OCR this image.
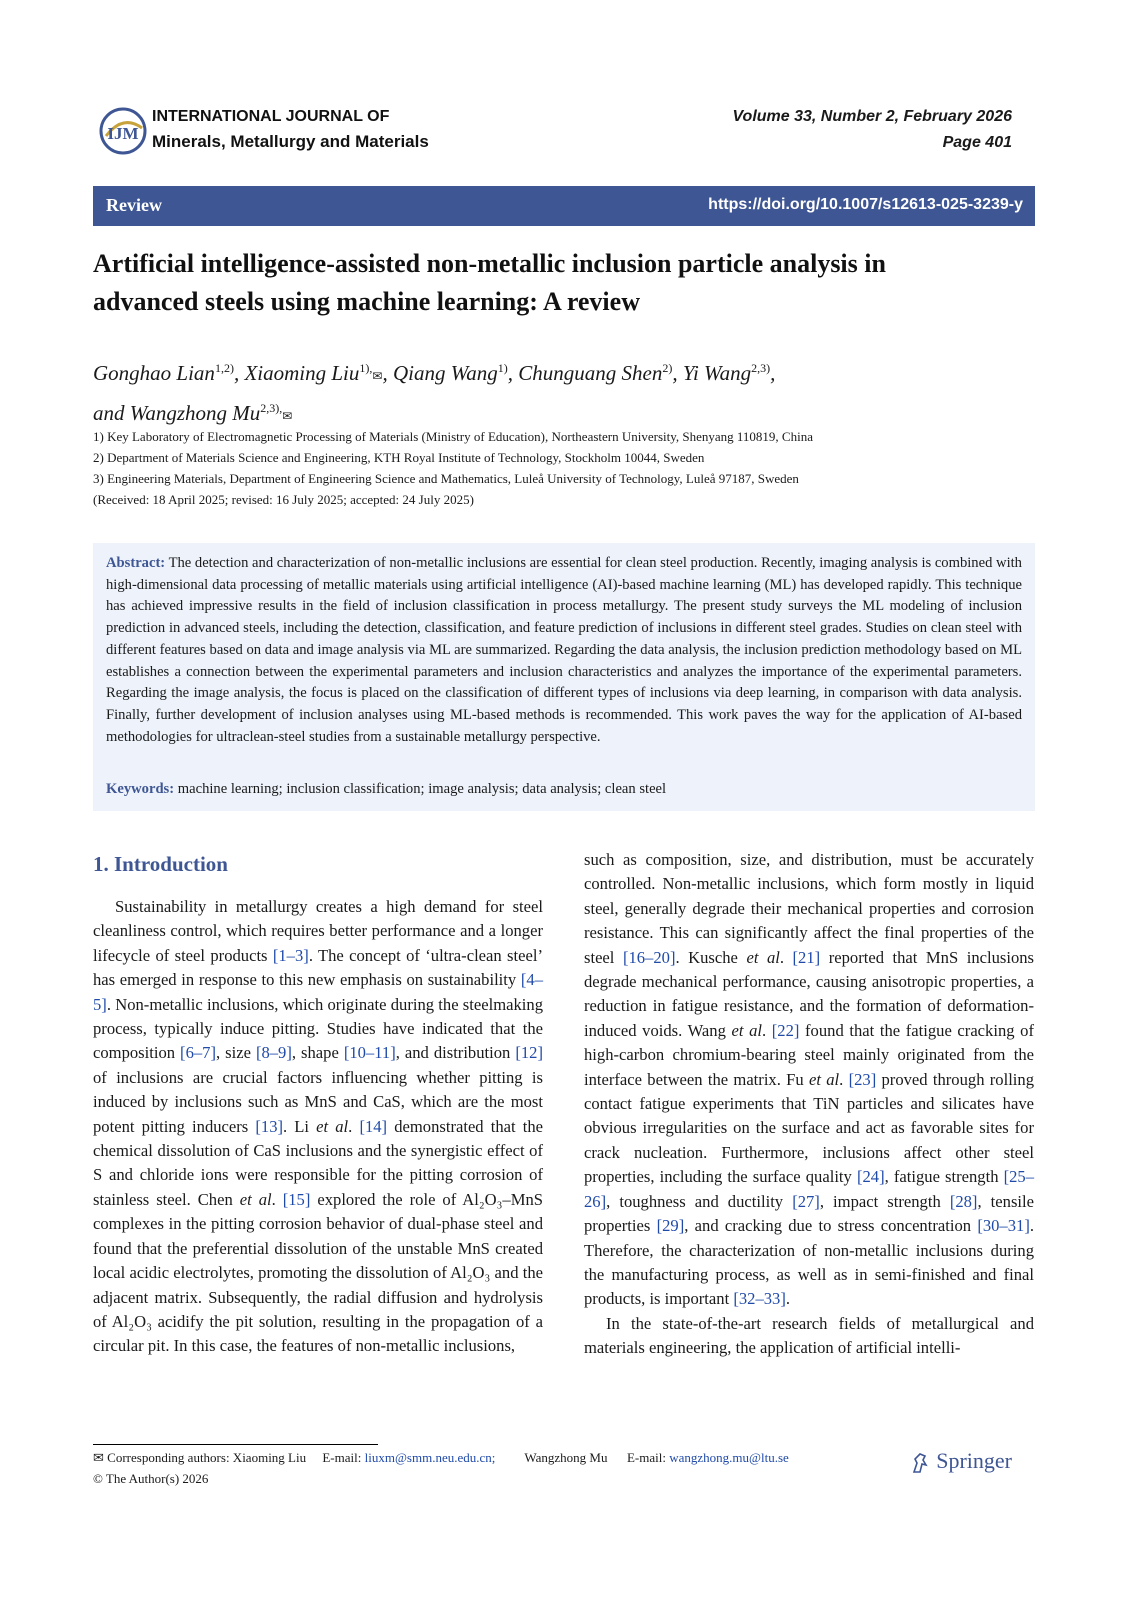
IJM
INTERNATIONAL JOURNAL OF
Minerals, Metallurgy and Materials
Volume 33, Number 2, February 2026
Page 401
Review	https://doi.org/10.1007/s12613-025-3239-y
Artificial intelligence-assisted non-metallic inclusion particle analysis in
advanced steels using machine learning: A review
Gonghao Lian$^{1,2)}$, Xiaoming Liu$^{1),}$✉, Qiang Wang$^{1)}$, Chunguang Shen$^{2)}$, Yi Wang$^{2,3)}$,
and Wangzhong $Mu^{2,3),}✉$
1) Key Laboratory of Electromagnetic Processing of Materials (Ministry of Education), Northeastern University, Shenyang 110819, China
2) Department of Materials Science and Engineering, KTH Royal Institute of Technology, Stockholm 10044, Sweden
3) Engineering Materials, Department of Engineering Science and Mathematics, Luleå University of Technology, Luleå 97187, Sweden
(Received: 18 April 2025; revised: 16 July 2025; accepted: 24 July 2025)
Abstract: The detection and characterization of non-metallic inclusions are essential for clean steel production. Recently, imaging analysis is combined with high-dimensional data processing of metallic materials using artificial intelligence (AI)-based machine learning (ML) has developed rapidly. This technique has achieved impressive results in the field of inclusion classification in process metallurgy. The present study surveys the ML modeling of inclusion prediction in advanced steels, including the detection, classification, and feature prediction of inclusions in different steel grades. Studies on clean steel with different features based on data and image analysis via ML are summarized. Regarding the data analysis, the inclusion prediction methodology based on ML establishes a connection between the experimental parameters and inclusion characteristics and analyzes the importance of the experimental parameters. Regarding the image analysis, the focus is placed on the classification of different types of inclusions via deep learning, in comparison with data analysis. Finally, further development of inclusion analyses using ML-based methods is recommended. This work paves the way for the application of AI-based methodologies for ultraclean-steel studies from a sustainable metallurgy perspective.
Keywords: machine learning; inclusion classification; image analysis; data analysis; clean steel
1. Introduction

Sustainability in metallurgy creates a high demand for steel cleanliness control, which requires better performance and a longer lifecycle of steel products [1–3]. The concept of ‘ultra-clean steel’ has emerged in response to this new emphasis on sustainability [4–5]. Non-metallic inclusions, which originate during the steelmaking process, typically induce pitting. Studies have indicated that the composition [6–7], size [8–9], shape [10–11], and distribution [12] of inclusions are crucial factors influencing whether pitting is induced by inclusions such as MnS and CaS, which are the most potent pitting inducers [13]. Li et al. [14] demonstrated that the chemical dissolution of CaS inclusions and the synergistic effect of S and chloride ions were responsible for the pitting corrosion of stainless steel. Chen et al. [15] explored the role of Al₂O₃–MnS complexes in the pitting corrosion behavior of dual-phase steel and found that the preferential dissolution of the unstable MnS created local acidic electrolytes, promoting the dissolution of Al₂O₃ and the adjacent matrix. Subsequently, the radial diffusion and hydrolysis of Al₂O₃ acidify the pit solution, resulting in the propagation of a circular pit. In this case, the features of non-metallic inclusions,

such as composition, size, and distribution, must be accurately controlled. Non-metallic inclusions, which form mostly in liquid steel, generally degrade their mechanical properties and corrosion resistance. This can significantly affect the final properties of the steel [16–20]. Kusche et al. [21] reported that MnS inclusions degrade mechanical performance, causing anisotropic properties, a reduction in fatigue resistance, and the formation of deformation-induced voids. Wang et al. [22] found that the fatigue cracking of high-carbon chromium-bearing steel mainly originated from the interface between the matrix. Fu et al. [23] proved through rolling contact fatigue experiments that TiN particles and silicates have obvious irregularities on the surface and act as favorable sites for crack nucleation. Furthermore, inclusions affect other steel properties, including the surface quality [24], fatigue strength [25–26], toughness and ductility [27], impact strength [28], tensile properties [29], and cracking due to stress concentration [30–31]. Therefore, the characterization of non-metallic inclusions during the manufacturing process, as well as in semi-finished and final products, is important [32–33].

In the state-of-the-art research fields of metallurgical and materials engineering, the application of artificial intelli-

✉ Corresponding authors: Xiaoming Liu E-mail: liuxm@smm.neu.edu.cn; Wangzhong Mu E-mail: wangzhong.mu@ltu.se
© The Author(s) 2026
Springer
